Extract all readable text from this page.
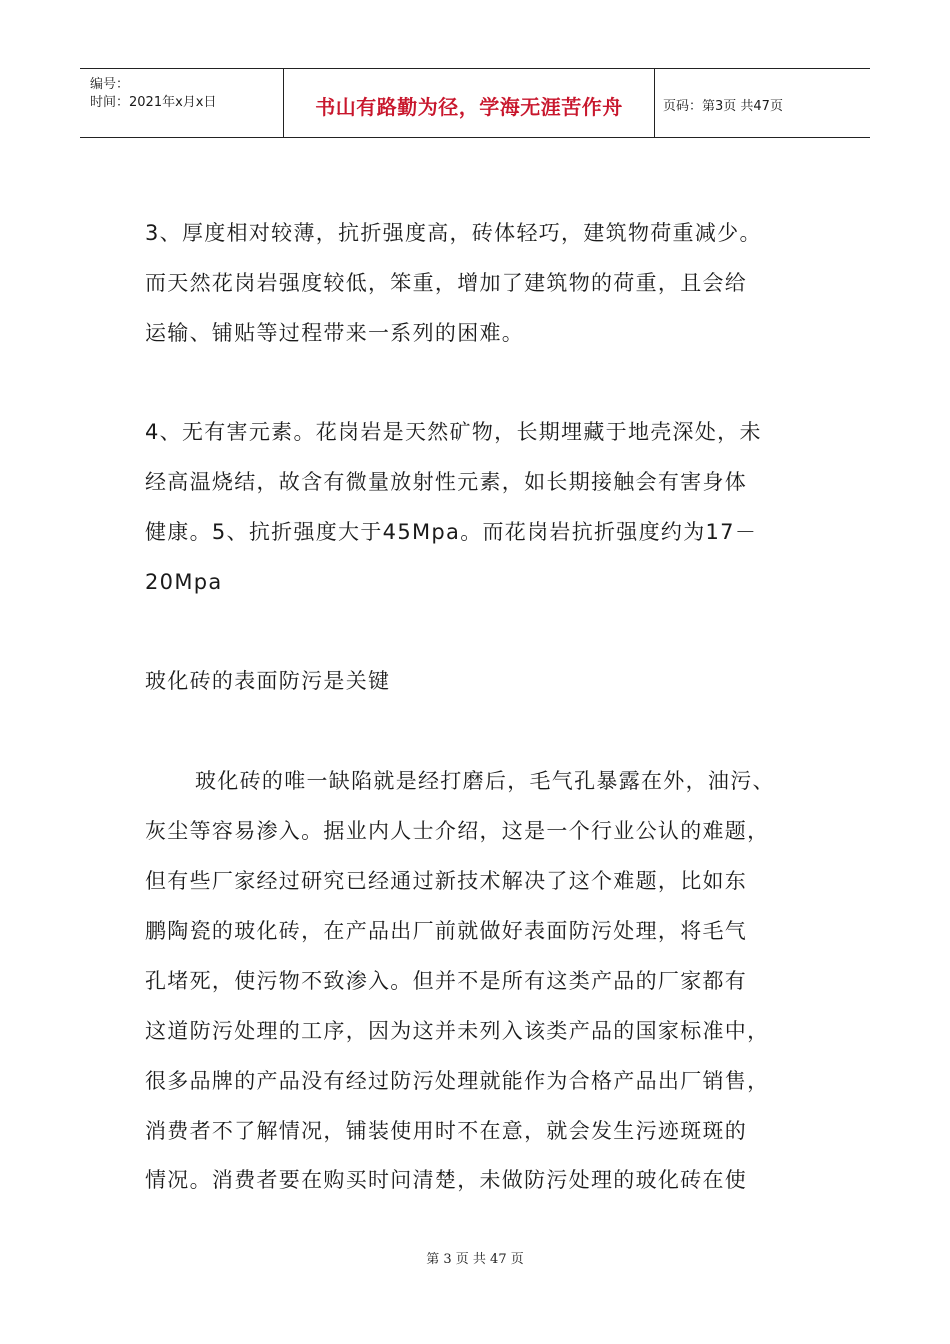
编号：
时间：2021年x月x日	书山有路勤为径，学海无涯苦作舟	页码：第3页 共47页
3、厚度相对较薄，抗折强度高，砖体轻巧，建筑物荷重减少。
而天然花岗岩强度较低，笨重，增加了建筑物的荷重，且会给
运输、铺贴等过程带来一系列的困难。
4、无有害元素。花岗岩是天然矿物，长期埋藏于地壳深处，未
经高温烧结，故含有微量放射性元素，如长期接触会有害身体
健康。5、抗折强度大于45Mpa。而花岗岩抗折强度约为17－
20Mpa
玻化砖的表面防污是关键
玻化砖的唯一缺陷就是经打磨后，毛气孔暴露在外，油污、
灰尘等容易渗入。据业内人士介绍，这是一个行业公认的难题，
但有些厂家经过研究已经通过新技术解决了这个难题，比如东
鹏陶瓷的玻化砖，在产品出厂前就做好表面防污处理，将毛气
孔堵死，使污物不致渗入。但并不是所有这类产品的厂家都有
这道防污处理的工序，因为这并未列入该类产品的国家标准中，
很多品牌的产品没有经过防污处理就能作为合格产品出厂销售，
消费者不了解情况，铺装使用时不在意，就会发生污迹斑斑的
情况。消费者要在购买时问清楚，未做防污处理的玻化砖在使
第 3 页 共 47 页
